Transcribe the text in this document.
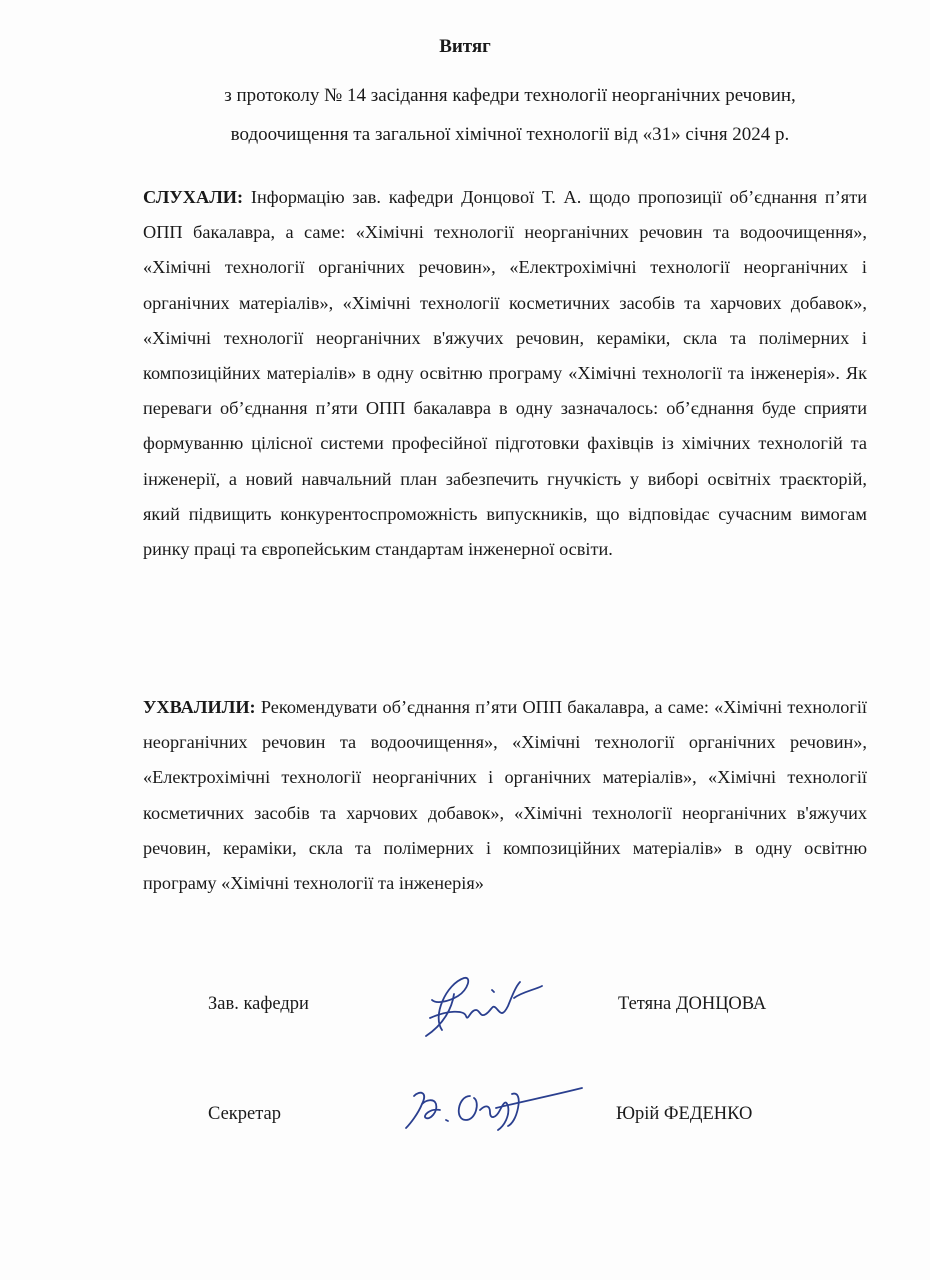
Витяг
з протоколу № 14 засідання кафедри технології неорганічних речовин,
водоочищення та загальної хімічної технології від «31» січня 2024 р.

СЛУХАЛИ: Інформацію зав. кафедри Донцової Т. А. щодо пропозиції об’єднання п’яти ОПП бакалавра, а саме: «Хімічні технології неорганічних речовин та водоочищення», «Хімічні технології органічних речовин», «Електрохімічні технології неорганічних і органічних матеріалів», «Хімічні технології косметичних засобів та харчових добавок», «Хімічні технології неорганічних в'яжучих речовин, кераміки, скла та полімерних і композиційних матеріалів» в одну освітню програму «Хімічні технології та інженерія». Як переваги об’єднання п’яти ОПП бакалавра в одну зазначалось: об’єднання буде сприяти формуванню цілісної системи професійної підготовки фахівців із хімічних технологій та інженерії, а новий навчальний план забезпечить гнучкість у виборі освітніх траєкторій, який підвищить конкурентоспроможність випускників, що відповідає сучасним вимогам ринку праці та європейським стандартам інженерної освіти.

УХВАЛИЛИ: Рекомендувати об’єднання п’яти ОПП бакалавра, а саме: «Хімічні технології неорганічних речовин та водоочищення», «Хімічні технології органічних речовин», «Електрохімічні технології неорганічних і органічних матеріалів», «Хімічні технології косметичних засобів та харчових добавок», «Хімічні технології неорганічних в'яжучих речовин, кераміки, скла та полімерних і композиційних матеріалів» в одну освітню програму «Хімічні технології та інженерія»

Зав. кафедри	Тетяна ДОНЦОВА
Секретар	Юрій ФЕДЕНКО
